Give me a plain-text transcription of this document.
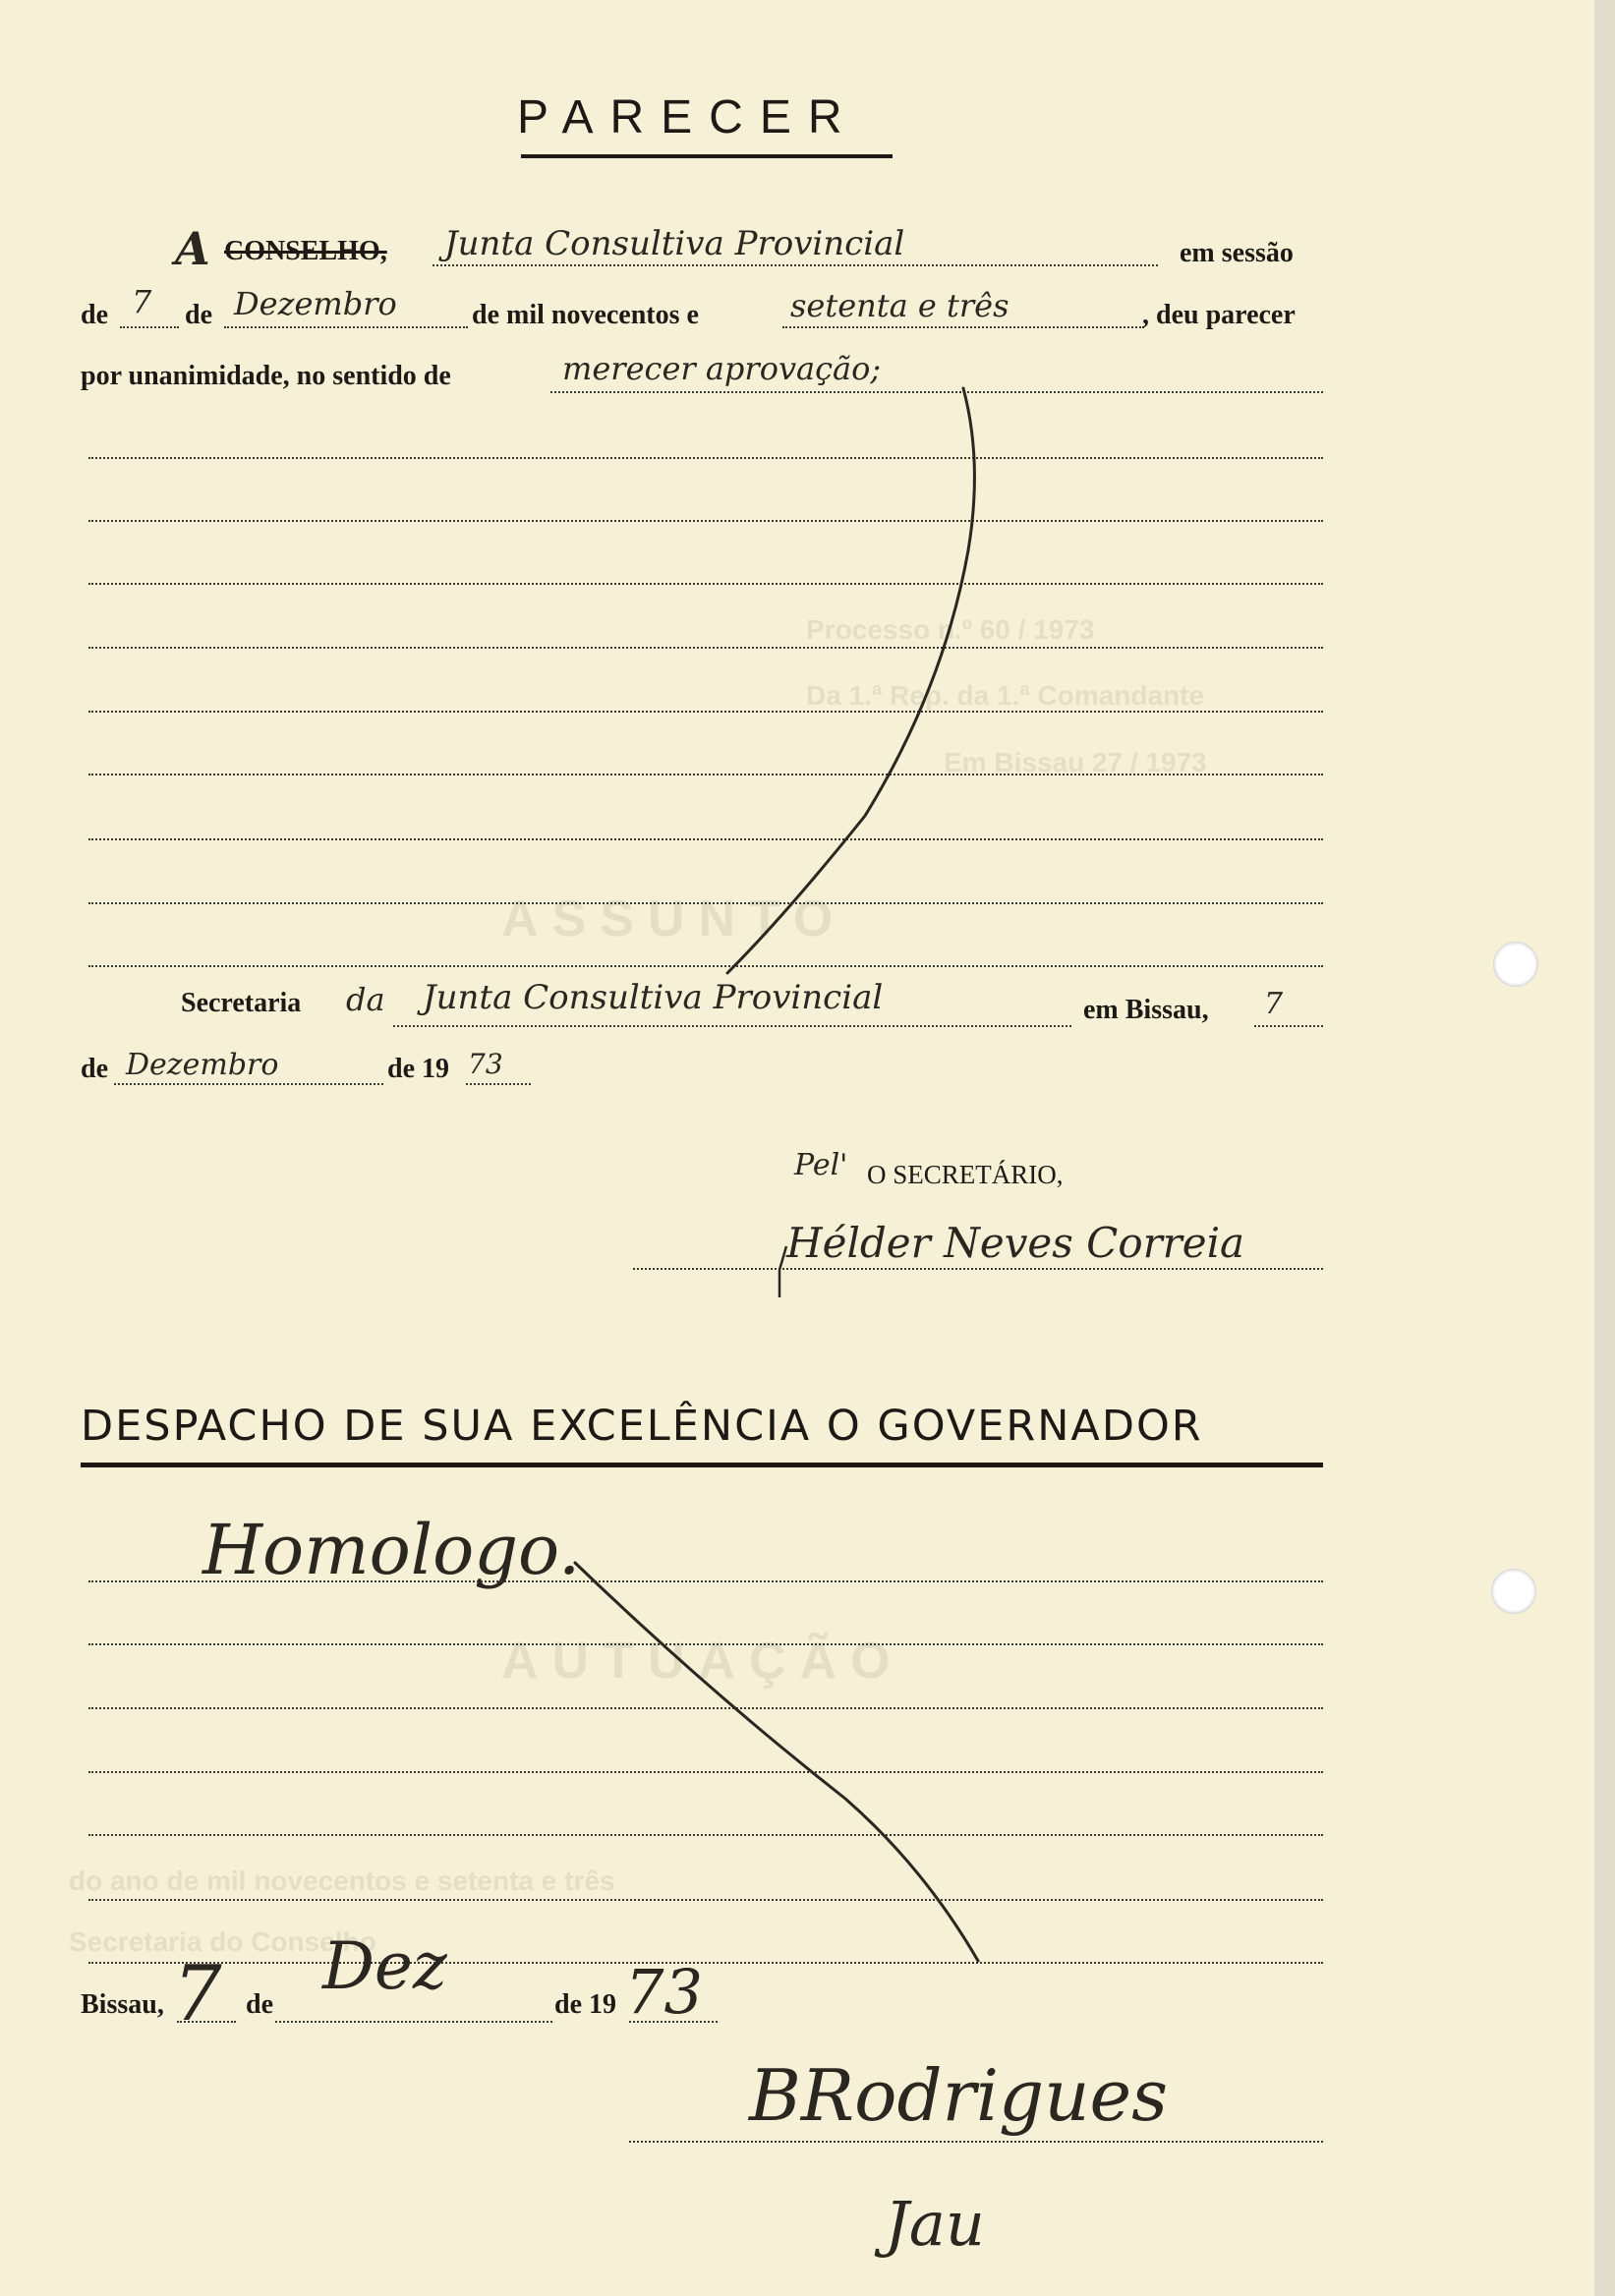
Processo n.º 60 / 1973
Da 1.ª Rep. da 1.ª Comandante
Em Bissau 27 / 1973
ASSUNTO
AUTUAÇÃO
do ano de mil novecentos e setenta e três
Secretaria do Conselho
PARECER
A CONSELHO, Junta Consultiva Provincial	em sessão
de 7 de Dezembro	de mil novecentos e	setenta e três	, deu parecer
por unanimidade, no sentido de	merecer aprovação;
Secretaria da Junta Consultiva Provincial	em Bissau, 7
de Dezembro	de 19 73
Pel' O SECRETÁRIO,
Hélder Neves Correia
DESPACHO DE SUA EXCELÊNCIA O GOVERNADOR
Homologo.
Bissau, 7 de
Dez
de 19 73
BRodrigues
Jau
